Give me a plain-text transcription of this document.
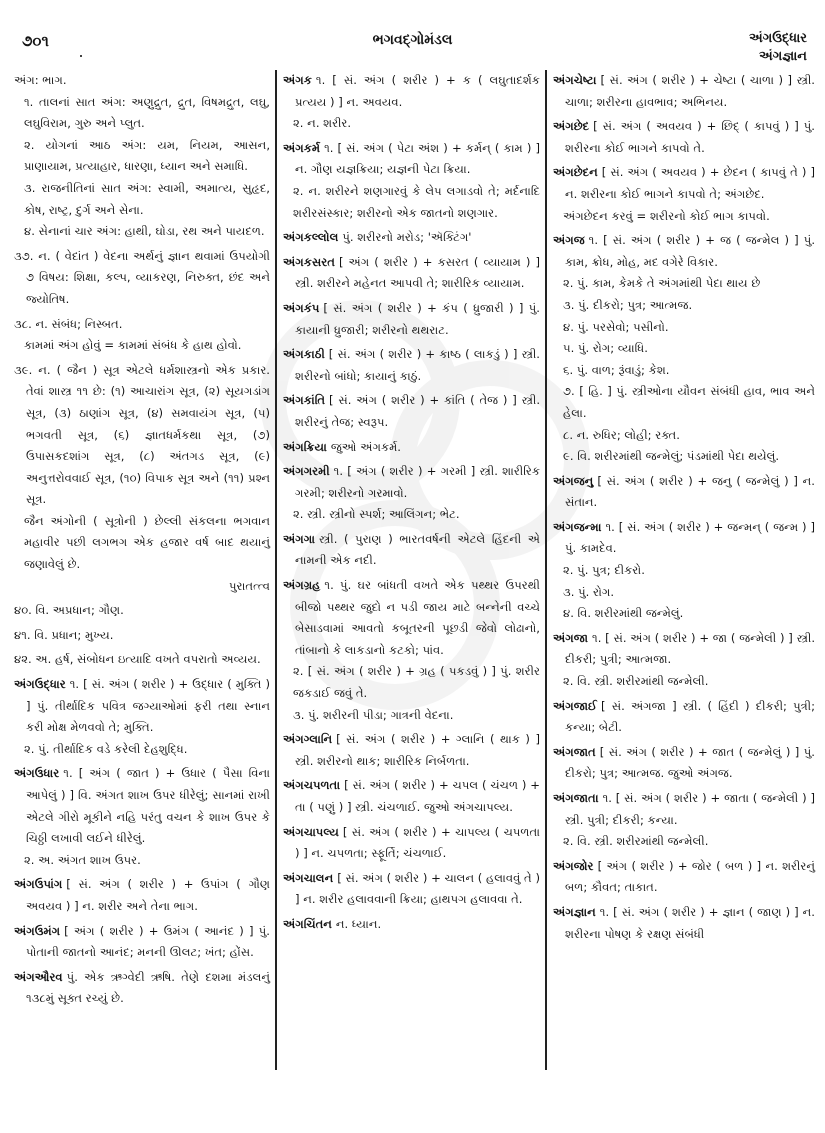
૭૦૧	ભગવદ્ગોમંડલ	અંગઉદ્ધાર
અંગજ્ઞાન
અંગ: ભાગ.
૧. તાલનાં સાત અંગ: અણુદ્રુત, દ્રુત, વિષમદ્રુત, લઘુ, લઘુવિરામ, ગુરુ અને પ્લુત.
૨. યોગનાં આઠ અંગ: યમ, નિયમ, આસન, પ્રાણાયામ, પ્રત્યાહાર, ધારણા, ધ્યાન અને સમાધિ.
૩. રાજનીતિનાં સાત અંગ: સ્વામી, અમાત્ય, સુહૃદ, કોષ, રાષ્ટ્ર, દુર્ગ અને સેના.
૪. સેનાનાં ચાર અંગ: હાથી, ઘોડા, રથ અને પાયદળ.
૩૭. ન. ( વેદાંત ) વેદના અર્થનું જ્ઞાન થવામાં ઉપયોગી ૭ વિષય: શિક્ષા, કલ્પ, વ્યાકરણ, નિરુક્ત, છંદ અને જ્યોતિષ.
૩૮. ન. સંબંધ; નિસ્બત.
કામમાં અંગ હોવું = કામમાં સંબંધ કે હાથ હોવો.
૩૯. ન. ( જૈન ) સૂત્ર એટલે ધર્મશાસ્ત્રનો એક પ્રકાર. તેવાં શાસ્ત્ર ૧૧ છે: (૧) આચારાંગ સૂત્ર, (૨) સૂયગડાંગ સૂત્ર, (૩) ઠાણાંગ સૂત્ર, (૪) સમવાયંગ સૂત્ર, (૫) ભગવતી સૂત્ર, (૬) જ્ઞાતધર્મકથા સૂત્ર, (૭) ઉપાસકદશાંગ સૂત્ર, (૮) અંતગડ સૂત્ર, (૯) અનુત્તરોવવાઈ સૂત્ર, (૧૦) વિપાક સૂત્ર અને (૧૧) પ્રશ્ન સૂત્ર.
જૈન અંગોની ( સૂત્રોની ) છેલ્લી સંકલના ભગવાન મહાવીર પછી લગભગ એક હજાર વર્ષ બાદ થયાનું જણાવેલું છે.
પુરાતત્ત્વ
૪૦. વિ. અપ્રધાન; ગૌણ.
૪૧. વિ. પ્રધાન; મુખ્ય.
૪૨. અ. હર્ષ, સંબોધન ઇત્યાદિ વખતે વપરાતો અવ્યય.
અંગઉદ્ધાર ૧. [ સં. અંગ ( શરીર ) + ઉદ્ધાર ( મુક્તિ ) ] પું. તીર્થાદિક પવિત્ર જગ્યાઓમાં ફરી તથા સ્નાન કરી મોક્ષ મેળવવો તે; મુક્તિ.
૨. પું. તીર્થાદિક વડે કરેલી દેહશુદ્ધિ.
અંગઉધાર ૧. [ અંગ ( જાત ) + ઉધાર ( પૈસા વિના આપેલું ) ] વિ. અંગત શાખ ઉપર ધીરેલું; સાનમાં રાખી એટલે ગીરો મૂકીને નહિ પરંતુ વચન કે શાખ ઉપર કે ચિઠ્ઠી લખાવી લઈને ધીરેલું.
૨. અ. અંગત શાખ ઉપર.
અંગઉપાંગ [ સં. અંગ ( શરીર ) + ઉપાંગ ( ગૌણ અવયવ ) ] ન. શરીર અને તેના ભાગ.
અંગઉમંગ [ અંગ ( શરીર ) + ઉમંગ ( આનંદ ) ] પું. પોતાની જાતનો આનંદ; મનની ઊલટ; ખંત; હોંસ.
અંગઔરવ પું. એક ઋગ્વેદી ઋષિ. તેણે દશમા મંડલનું ૧૩૮મું સૂક્ત રચ્યું છે.
અંગક ૧. [ સં. અંગ ( શરીર ) + ક ( લઘુતાદર્શક પ્રત્યય ) ] ન. અવયવ.
૨. ન. શરીર.
અંગકર્મ ૧. [ સં. અંગ ( પેટા અંશ ) + કર્મન્ ( કામ ) ] ન. ગૌણ યજ્ઞક્રિયા; યજ્ઞની પેટા ક્રિયા.
૨. ન. શરીરને શણગારવું કે લેપ લગાડવો તે; મર્દનાદિ શરીરસંસ્કાર; શરીરનો એક જાતનો શણગાર.
અંગકલ્લોલ પું. શરીરનો મરોડ; 'ઍક્ટિંગ'
અંગકસરત [ અંગ ( શરીર ) + કસરત ( વ્યાયામ ) ] સ્ત્રી. શરીરને મહેનત આપવી તે; શારીરિક વ્યાયામ.
અંગકંપ [ સં. અંગ ( શરીર ) + કંપ ( ધ્રુજારી ) ] પું. કાયાની ધ્રુજારી; શરીરનો થથરાટ.
અંગકાઠી [ સં. અંગ ( શરીર ) + કાષ્ઠ ( લાકડું ) ] સ્ત્રી. શરીરનો બાંધો; કાયાનું કાઠું.
અંગકાંતિ [ સં. અંગ ( શરીર ) + કાંતિ ( તેજ ) ] સ્ત્રી. શરીરનું તેજ; સ્વરૂપ.
અંગક્રિયા જુઓ અંગકર્મ.
અંગગરમી ૧. [ અંગ ( શરીર ) + ગરમી ] સ્ત્રી. શારીરિક ગરમી; શરીરનો ગરમાવો.
૨. સ્ત્રી. સ્ત્રીનો સ્પર્શ; આલિંગન; ભેટ.
અંગગા સ્ત્રી. ( પુરાણ ) ભારતવર્ષની એટલે હિંદની એ નામની એક નદી.
અંગગ્રહ ૧. પું. ઘર બાંધતી વખતે એક પથ્થર ઉપરથી બીજો પથ્થર જુદો ન પડી જાય માટે બન્નેની વચ્ચે બેસાડવામાં આવતો કબૂતરની પૂછડી જેવો લોઢાનો, તાંબાનો કે લાકડાનો કટકો; પાંવ.
૨. [ સં. અંગ ( શરીર ) + ગ્રહ ( પકડવું ) ] પું. શરીર જકડાઈ જવું તે.
૩. પું. શરીરની પીડા; ગાત્રની વેદના.
અંગગ્લાનિ [ સં. અંગ ( શરીર ) + ગ્લાનિ ( થાક ) ] સ્ત્રી. શરીરનો થાક; શારીરિક નિર્બળતા.
અંગચપળતા [ સં. અંગ ( શરીર ) + ચપલ ( ચંચળ ) + તા ( પણું ) ] સ્ત્રી. ચંચળાઈ. જુઓ અંગચાપલ્ય.
અંગચાપલ્ય [ સં. અંગ ( શરીર ) + ચાપલ્ય ( ચપળતા ) ] ન. ચપળતા; સ્ફૂર્તિ; ચંચળાઈ.
અંગચાલન [ સં. અંગ ( શરીર ) + ચાલન ( હલાવવું તે ) ] ન. શરીર હલાવવાની ક્રિયા; હાથપગ હલાવવા તે.
અંગચિંતન ન. ધ્યાન.
અંગચેષ્ટા [ સં. અંગ ( શરીર ) + ચેષ્ટા ( ચાળા ) ] સ્ત્રી. ચાળા; શરીરના હાવભાવ; અભિનય.
અંગછેદ [ સં. અંગ ( અવયવ ) + છિદ્ ( કાપવું ) ] પું. શરીરના કોઈ ભાગને કાપવો તે.
અંગછેદન [ સં. અંગ ( અવયવ ) + છેદન ( કાપવું તે ) ] ન. શરીરના કોઈ ભાગને કાપવો તે; અંગછેદ.
અંગછેદન કરવું = શરીરનો કોઈ ભાગ કાપવો.
અંગજ ૧. [ સં. અંગ ( શરીર ) + જ ( જન્મેલ ) ] પું. કામ, ક્રોધ, મોહ, મદ વગેરે વિકાર.
૨. પું. કામ, કેમકે તે અંગમાંથી પેદા થાય છે
૩. પું. દીકરો; પુત્ર; આત્મજ.
૪. પું. પરસેવો; પસીનો.
૫. પું. રોગ; વ્યાધિ.
૬. પું. વાળ; રૂંવાડું; કેશ.
૭. [ હિ. ] પું. સ્ત્રીઓના યૌવન સંબંધી હાવ, ભાવ અને હેલા.
૮. ન. રુધિર; લોહી; રક્ત.
૯. વિ. શરીરમાંથી જન્મેલું; પંડમાંથી પેદા થયેલું.
અંગજનુ [ સં. અંગ ( શરીર ) + જનુ ( જન્મેલું ) ] ન. સંતાન.
અંગજન્મા ૧. [ સં. અંગ ( શરીર ) + જન્મન્ ( જન્મ ) ] પું. કામદેવ.
૨. પું. પુત્ર; દીકરો.
૩. પું. રોગ.
૪. વિ. શરીરમાંથી જન્મેલું.
અંગજા ૧. [ સં. અંગ ( શરીર ) + જા ( જન્મેલી ) ] સ્ત્રી. દીકરી; પુત્રી; આત્મજા.
૨. વિ. સ્ત્રી. શરીરમાંથી જન્મેલી.
અંગજાઈ [ સં. અંગજા ] સ્ત્રી. ( હિંદી ) દીકરી; પુત્રી; કન્યા; બેટી.
અંગજાત [ સં. અંગ ( શરીર ) + જાત ( જન્મેલું ) ] પું. દીકરો; પુત્ર; આત્મજ. જુઓ અંગજ.
અંગજાતા ૧. [ સં. અંગ ( શરીર ) + જાતા ( જન્મેલી ) ] સ્ત્રી. પુત્રી; દીકરી; કન્યા.
૨. વિ. સ્ત્રી. શરીરમાંથી જન્મેલી.
અંગજોર [ અંગ ( શરીર ) + જોર ( બળ ) ] ન. શરીરનું બળ; કૌવત; તાકાત.
અંગજ્ઞાન ૧. [ સં. અંગ ( શરીર ) + જ્ઞાન ( જાણ ) ] ન. શરીરના પોષણ કે રક્ષણ સંબંધી
